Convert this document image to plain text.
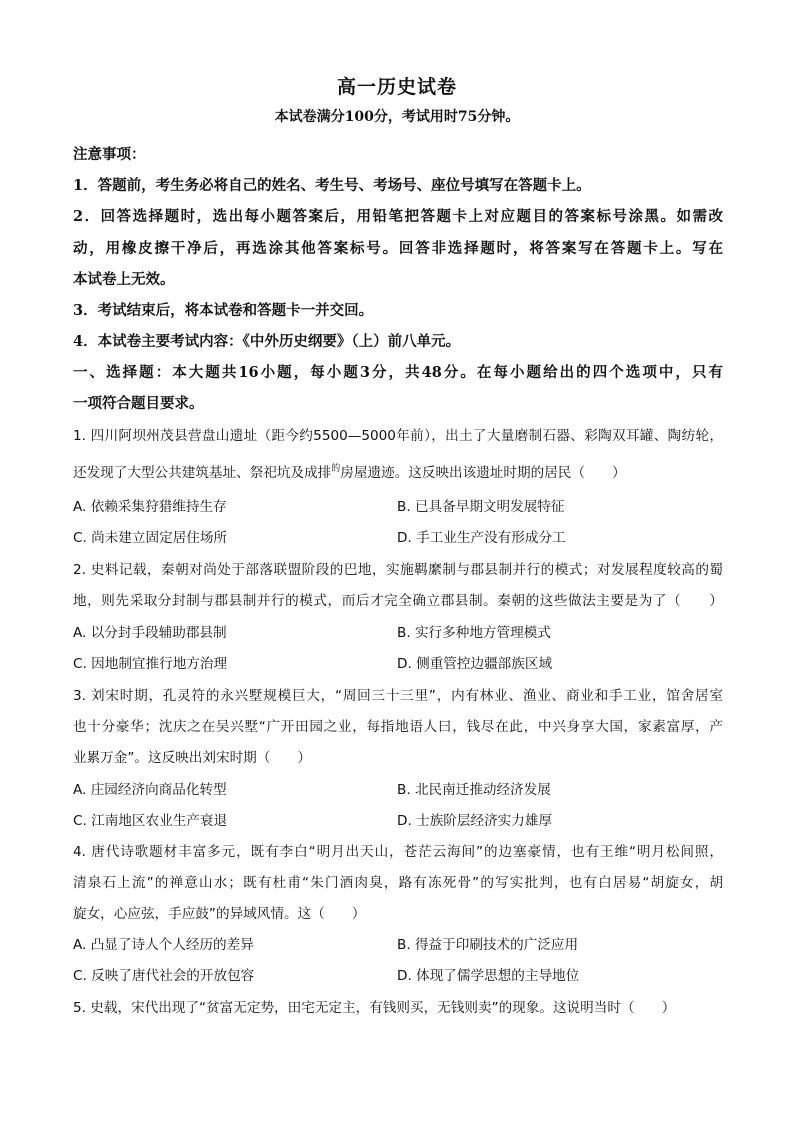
高一历史试卷
本试卷满分100分，考试用时75分钟。
注意事项：
1．答题前，考生务必将自己的姓名、考生号、考场号、座位号填写在答题卡上。
2．回答选择题时，选出每小题答案后，用铅笔把答题卡上对应题目的答案标号涂黑。如需改
动，用橡皮擦干净后，再选涂其他答案标号。回答非选择题时，将答案写在答题卡上。写在
本试卷上无效。
3．考试结束后，将本试卷和答题卡一并交回。
4．本试卷主要考试内容：《中外历史纲要》（上）前八单元。
一、选择题：本大题共16小题，每小题3分，共48分。在每小题给出的四个选项中，只有
一项符合题目要求。
1. 四川阿坝州茂县营盘山遗址（距今约5500—5000年前），出土了大量磨制石器、彩陶双耳罐、陶纺轮，
还发现了大型公共建筑基址、祭祀坑及成排$^的$房屋遗迹。这反映出该遗址时期的居民（　　）
A. 依赖采集狩猎维持生存	B. 已具备早期文明发展特征
C. 尚未建立固定居住场所	D. 手工业生产没有形成分工
2. 史料记载，秦朝对尚处于部落联盟阶段的巴地，实施羁縻制与郡县制并行的模式；对发展程度较高的蜀
地，则先采取分封制与郡县制并行的模式，而后才完全确立郡县制。秦朝的这些做法主要是为了（　　）
A. 以分封手段辅助郡县制	B. 实行多种地方管理模式
C. 因地制宜推行地方治理	D. 侧重管控边疆部族区域
3. 刘宋时期，孔灵符的永兴墅规模巨大，“周回三十三里”，内有林业、渔业、商业和手工业，馆舍居室
也十分豪华；沈庆之在吴兴墅“广开田园之业，每指地语人曰，钱尽在此，中兴身享大国，家素富厚，产
业累万金”。这反映出刘宋时期（　　）
A. 庄园经济向商品化转型	B. 北民南迁推动经济发展
C. 江南地区农业生产衰退	D. 士族阶层经济实力雄厚
4. 唐代诗歌题材丰富多元，既有李白“明月出天山，苍茫云海间”的边塞豪情，也有王维“明月松间照，
清泉石上流”的禅意山水；既有杜甫“朱门酒肉臭，路有冻死骨”的写实批判，也有白居易“胡旋女，胡
旋女，心应弦，手应鼓”的异域风情。这（　　）
A. 凸显了诗人个人经历的差异	B. 得益于印刷技术的广泛应用
C. 反映了唐代社会的开放包容	D. 体现了儒学思想的主导地位
5. 史载，宋代出现了“贫富无定势，田宅无定主，有钱则买，无钱则卖”的现象。这说明当时（　　）
